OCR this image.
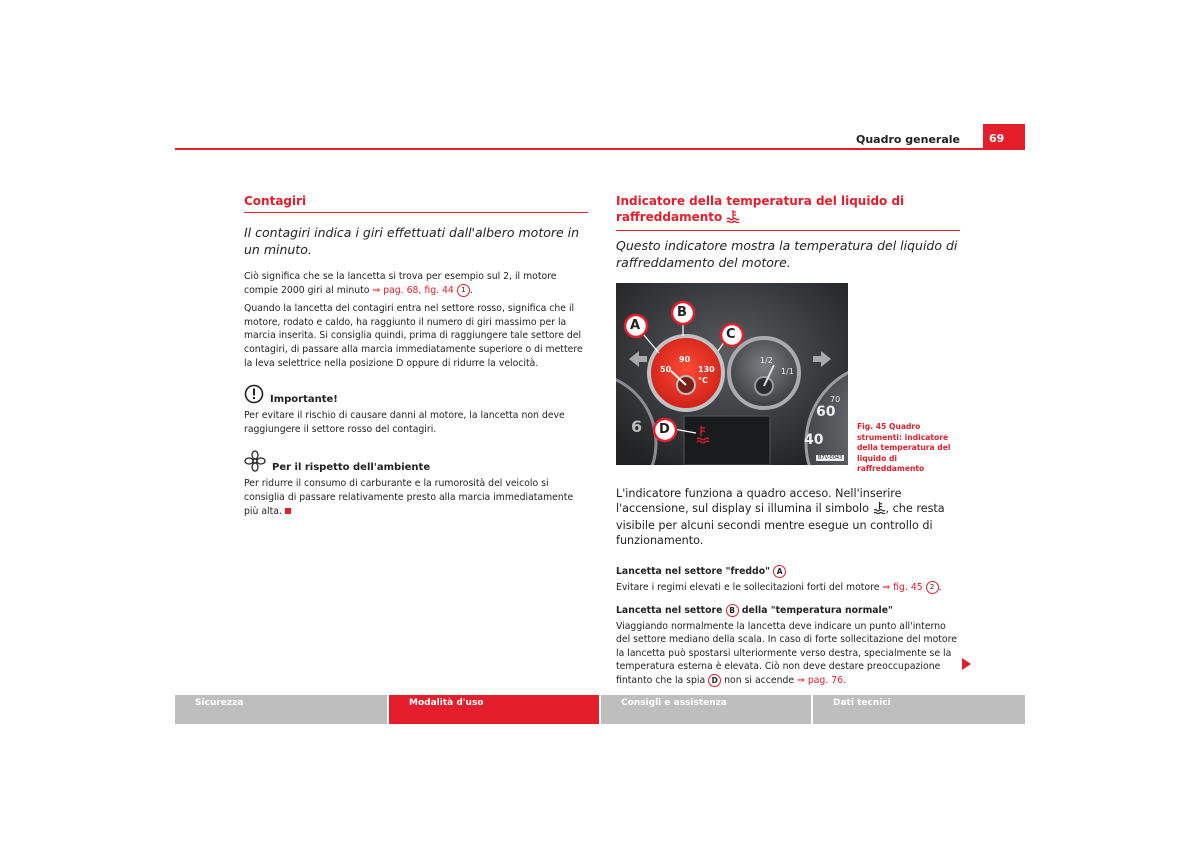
Quadro generale	69
Contagiri
Il contagiri indica i giri effettuati dall'albero motore in un minuto.
Ciò significa che se la lancetta si trova per esempio sul 2, il motore compie 2000 giri al minuto ⇒ pag. 68, fig. 44 1 .
Quando la lancetta del contagiri entra nel settore rosso, significa che il motore, rodato e caldo, ha raggiunto il numero di giri massimo per la marcia inserita. Si consiglia quindi, prima di raggiungere tale settore del contagiri, di passare alla marcia immediatamente superiore o di mettere la leva selettrice nella posizione D oppure di ridurre la velocità.
Importante!
Per evitare il rischio di causare danni al motore, la lancetta non deve raggiungere il settore rosso del contagiri.
Per il rispetto dell'ambiente
Per ridurre il consumo di carburante e la rumorosità del veicolo si consiglia di passare relativamente presto alla marcia immediatamente più alta.
Indicatore della temperatura del liquido di raffreddamento
Questo indicatore mostra la temperatura del liquido di raffreddamento del motore.
A
B
C
D
50
90
130
°C
1/2
1/1
70
60
40
6
B7V-0043
Fig. 45 Quadro strumenti: indicatore della temperatura del liquido di raffreddamento
L'indicatore funziona a quadro acceso. Nell'inserire l'accensione, sul display si illumina il simbolo , che resta visibile per alcuni secondi mentre esegue un controllo di funzionamento.
Lancetta nel settore "freddo" A
Evitare i regimi elevati e le sollecitazioni forti del motore ⇒ fig. 45 2 .
Lancetta nel settore B della "temperatura normale"
Viaggiando normalmente la lancetta deve indicare un punto all'interno del settore mediano della scala. In caso di forte sollecitazione del motore la lancetta può spostarsi ulteriormente verso destra, specialmente se la temperatura esterna è elevata. Ciò non deve destare preoccupazione fintanto che la spia D non si accende ⇒ pag. 76.
Sicurezza	Modalità d'uso	Consigli e assistenza	Dati tecnici
